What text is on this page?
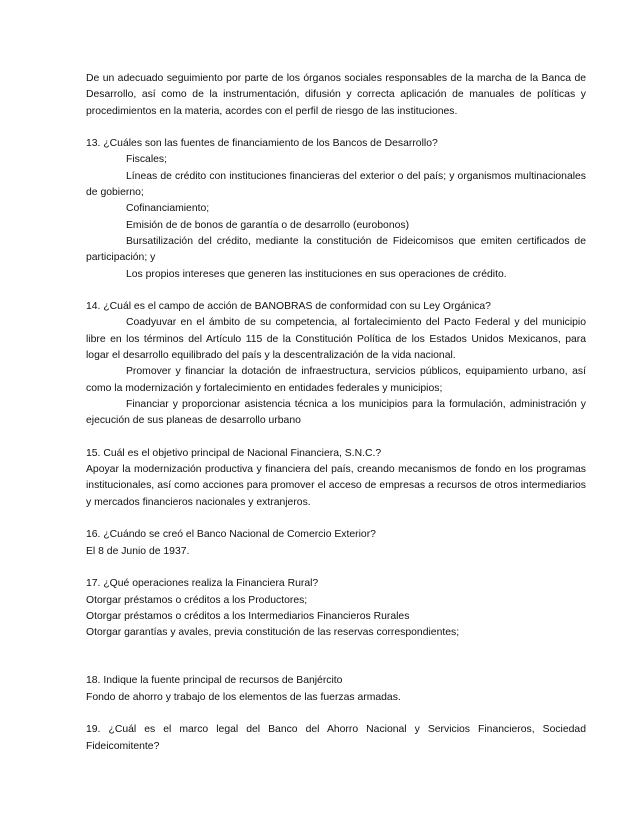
De un adecuado seguimiento por parte de los órganos sociales responsables de la marcha de la Banca de Desarrollo, así como de la instrumentación, difusión y correcta aplicación de manuales de políticas y procedimientos en la materia, acordes con el perfil de riesgo de las instituciones.

13. ¿Cuáles son las fuentes de financiamiento de los Bancos de Desarrollo?

Fiscales;

Líneas de crédito con instituciones financieras del exterior o del país; y organismos multinacionales de gobierno;

Cofinanciamiento;

Emisión de de bonos de garantía o de desarrollo (eurobonos)

Bursatilización del crédito, mediante la constitución de Fideicomisos que emiten certificados de participación; y

Los propios intereses que generen las instituciones en sus operaciones de crédito.

14. ¿Cuál es el campo de acción de BANOBRAS de conformidad con su Ley Orgánica?

Coadyuvar en el ámbito de su competencia, al fortalecimiento del Pacto Federal y del municipio libre en los términos del Artículo 115 de la Constitución Política de los Estados Unidos Mexicanos, para logar el desarrollo equilibrado del país y la descentralización de la vida nacional.

Promover y financiar la dotación de infraestructura, servicios públicos, equipamiento urbano, así como la modernización y fortalecimiento en entidades federales y municipios;

Financiar y proporcionar asistencia técnica a los municipios para la formulación, administración y ejecución de sus planeas de desarrollo urbano

15. Cuál es el objetivo principal de Nacional Financiera, S.N.C.?

Apoyar la modernización productiva y financiera del país, creando mecanismos de fondo en los programas institucionales, así como acciones para promover el acceso de empresas a recursos de otros intermediarios y mercados financieros nacionales y extranjeros.

16. ¿Cuándo se creó el Banco Nacional de Comercio Exterior?

El 8 de Junio de 1937.

17. ¿Qué operaciones realiza la Financiera Rural?

Otorgar préstamos o créditos a los Productores;

Otorgar préstamos o créditos a los Intermediarios Financieros Rurales

Otorgar garantías y avales, previa constitución de las reservas correspondientes;

18. Indique la fuente principal de recursos de Banjército

Fondo de ahorro y trabajo de los elementos de las fuerzas armadas.

19. ¿Cuál es el marco legal del Banco del Ahorro Nacional y Servicios Financieros, Sociedad Fideicomitente?
